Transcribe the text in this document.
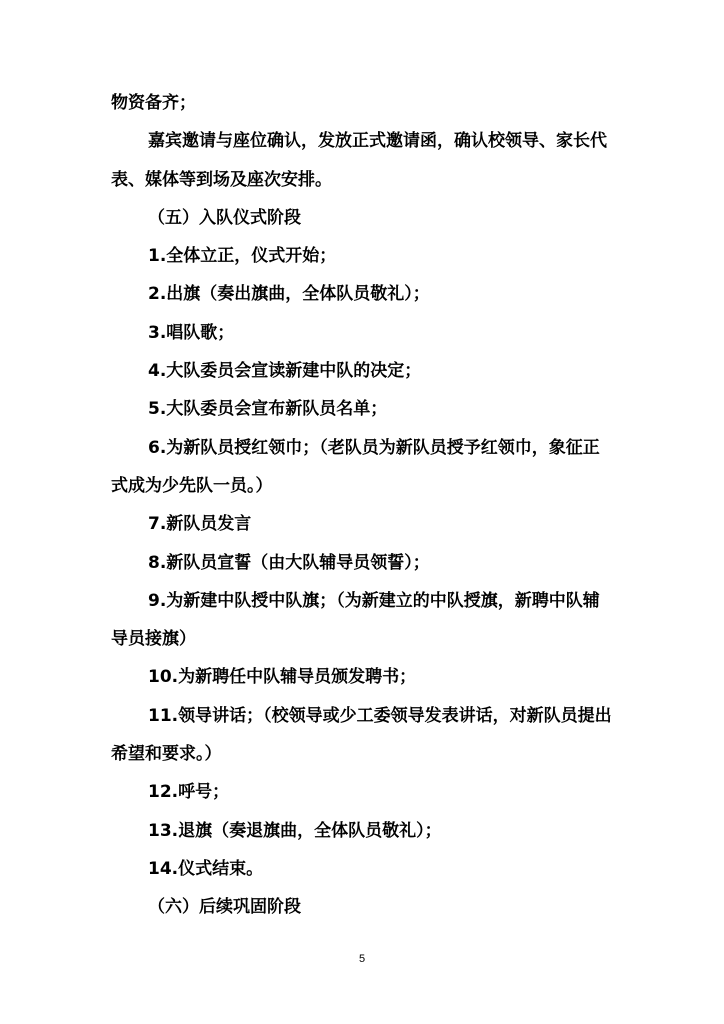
物资备齐；

嘉宾邀请与座位确认，发放正式邀请函，确认校领导、家长代表、媒体等到场及座次安排。

（五）入队仪式阶段

1.全体立正，仪式开始；

2.出旗（奏出旗曲，全体队员敬礼）；

3.唱队歌；

4.大队委员会宣读新建中队的决定；

5.大队委员会宣布新队员名单；

6.为新队员授红领巾；（老队员为新队员授予红领巾，象征正式成为少先队一员。）

7.新队员发言

8.新队员宣誓（由大队辅导员领誓）；

9.为新建中队授中队旗；（为新建立的中队授旗，新聘中队辅导员接旗）

10.为新聘任中队辅导员颁发聘书；

11.领导讲话；（校领导或少工委领导发表讲话，对新队员提出希望和要求。）

12.呼号；

13.退旗（奏退旗曲，全体队员敬礼）；

14.仪式结束。

（六）后续巩固阶段

5
